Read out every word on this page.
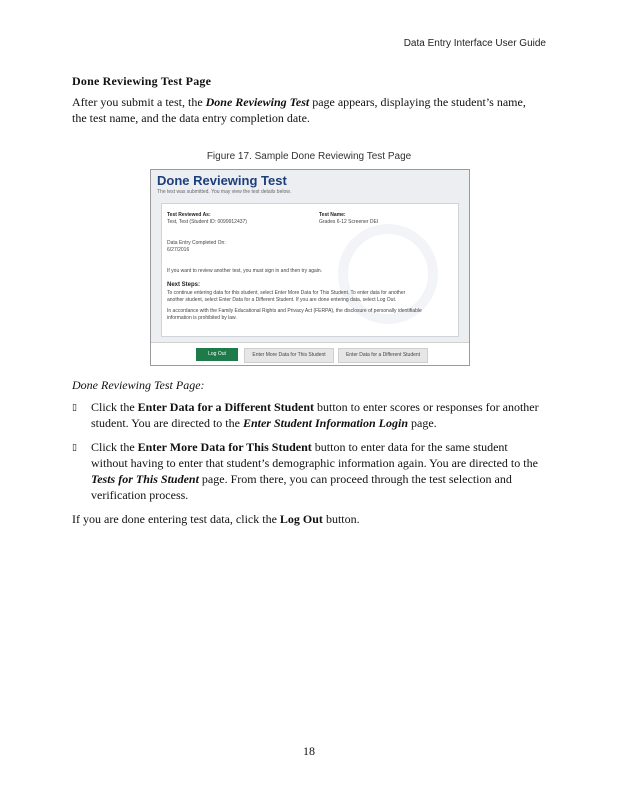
Data Entry Interface User Guide
Done Reviewing Test Page
After you submit a test, the Done Reviewing Test page appears, displaying the student’s name, the test name, and the data entry completion date.
Figure 17. Sample Done Reviewing Test Page
Done Reviewing Test
The test was submitted. You may view the test details below.
Test Reviewed As:
Test, Test (Student ID: 0099912437)
Test Name:
Grades 6-12 Screener DEI
Data Entry Completed On:
6/27/2016
If you want to review another test, you must sign in and then try again.
Next Steps:
To continue entering data for this student, select Enter More Data for This Student. To enter data for another
another student, select Enter Data for a Different Student. If you are done entering data, select Log Out.
In accordance with the Family Educational Rights and Privacy Act (FERPA), the disclosure of personally identifiable
information is prohibited by law.
Log Out	Enter More Data for This Student	Enter Data for a Different Student
Done Reviewing Test Page:
▯ Click the Enter Data for a Different Student button to enter scores or responses for another student. You are directed to the Enter Student Information Login page.
▯ Click the Enter More Data for This Student button to enter data for the same student without having to enter that student’s demographic information again. You are directed to the Tests for This Student page. From there, you can proceed through the test selection and verification process.
If you are done entering test data, click the Log Out button.
18
